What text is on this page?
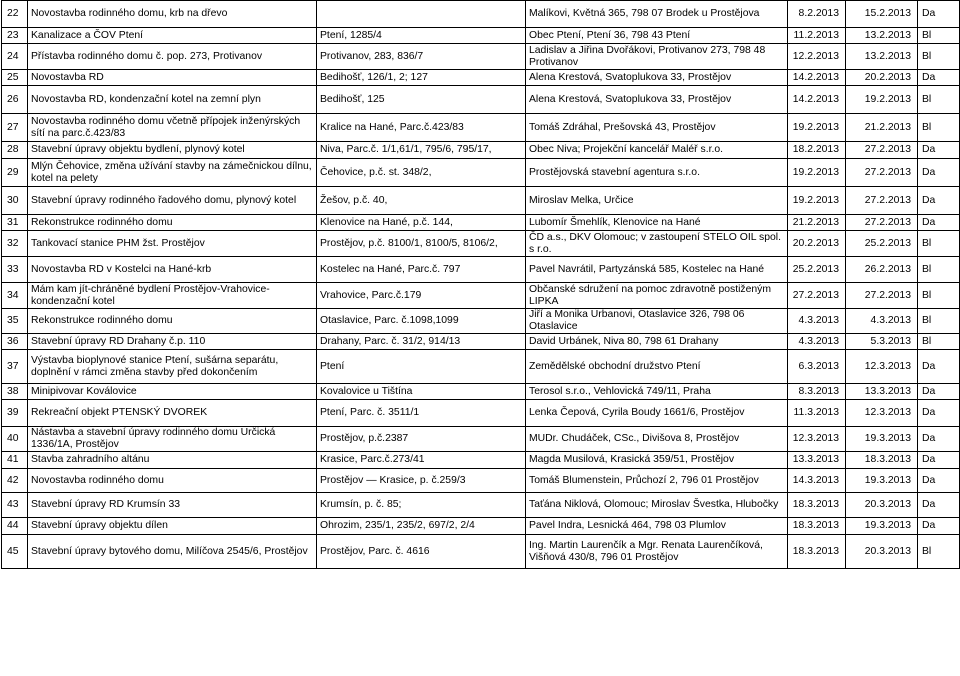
22	Novostavba rodinného domu, krb na dřevo		Malíkovi, Květná 365, 798 07 Brodek u Prostějova	8.2.2013	15.2.2013	Da
23	Kanalizace a ČOV Ptení	Ptení, 1285/4	Obec Ptení, Ptení 36, 798 43 Ptení	11.2.2013	13.2.2013	Bl
24	Přístavba rodinného domu č. pop. 273, Protivanov	Protivanov, 283, 836/7	Ladislav a Jiřina Dvořákovi, Protivanov 273, 798 48 Protivanov	12.2.2013	13.2.2013	Bl
25	Novostavba RD	Bedihošť, 126/1, 2; 127	Alena Krestová, Svatoplukova 33, Prostějov	14.2.2013	20.2.2013	Da
26	Novostavba RD, kondenzační kotel na zemní plyn	Bedihošť, 125	Alena Krestová, Svatoplukova 33, Prostějov	14.2.2013	19.2.2013	Bl
27	Novostavba rodinného domu včetně přípojek inženýrských sítí na parc.č.423/83	Kralice na Hané, Parc.č.423/83	Tomáš Zdráhal, Prešovská 43, Prostějov	19.2.2013	21.2.2013	Bl
28	Stavební úpravy objektu bydlení, plynový kotel	Niva, Parc.č. 1/1,61/1, 795/6, 795/17,	Obec Niva; Projekční kancelář Maléř s.r.o.	18.2.2013	27.2.2013	Da
29	Mlýn Čehovice, změna užívání stavby na zámečnickou dílnu, kotel na pelety	Čehovice, p.č. st. 348/2,	Prostějovská stavební agentura s.r.o.	19.2.2013	27.2.2013	Da
30	Stavební úpravy rodinného řadového domu, plynový kotel	Žešov, p.č. 40,	Miroslav Melka, Určice	19.2.2013	27.2.2013	Da
31	Rekonstrukce rodinného domu	Klenovice na Hané, p.č. 144,	Lubomír Šmehlík, Klenovice na Hané	21.2.2013	27.2.2013	Da
32	Tankovací stanice PHM žst. Prostějov	Prostějov, p.č. 8100/1, 8100/5, 8106/2,	ČD a.s., DKV Olomouc; v zastoupení STELO OIL spol. s r.o.	20.2.2013	25.2.2013	Bl
33	Novostavba RD v Kostelci na Hané-krb	Kostelec na Hané, Parc.č. 797	Pavel Navrátil, Partyzánská 585, Kostelec na Hané	25.2.2013	26.2.2013	Bl
34	Mám kam jít-chráněné bydlení Prostějov-Vrahovice-kondenzační kotel	Vrahovice, Parc.č.179	Občanské sdružení na pomoc zdravotně postiženým LIPKA	27.2.2013	27.2.2013	Bl
35	Rekonstrukce rodinného domu	Otaslavice, Parc. č.1098,1099	Jiří a Monika Urbanovi, Otaslavice 326, 798 06 Otaslavice	4.3.2013	4.3.2013	Bl
36	Stavební úpravy RD Drahany č.p. 110	Drahany, Parc. č. 31/2, 914/13	David Urbánek, Niva 80, 798 61 Drahany	4.3.2013	5.3.2013	Bl
37	Výstavba bioplynové stanice Ptení, sušárna separátu, doplnění v rámci změna stavby před dokončením	Ptení	Zemědělské obchodní družstvo Ptení	6.3.2013	12.3.2013	Da
38	Minipivovar Koválovice	Kovalovice u Tištína	Terosol s.r.o., Vehlovická 749/11, Praha	8.3.2013	13.3.2013	Da
39	Rekreační objekt PTENSKÝ DVOREK	Ptení, Parc. č. 3511/1	Lenka Čepová, Cyrila Boudy 1661/6, Prostějov	11.3.2013	12.3.2013	Da
40	Nástavba a stavební úpravy rodinného domu Určická 1336/1A, Prostějov	Prostějov, p.č.2387	MUDr. Chudáček, CSc., Divišova 8, Prostějov	12.3.2013	19.3.2013	Da
41	Stavba zahradního altánu	Krasice, Parc.č.273/41	Magda Musilová, Krasická 359/51, Prostějov	13.3.2013	18.3.2013	Da
42	Novostavba rodinného domu	Prostějov — Krasice, p. č.259/3	Tomáš Blumenstein, Průchozí 2, 796 01 Prostějov	14.3.2013	19.3.2013	Da
43	Stavební úpravy RD Krumsín 33	Krumsín, p. č. 85;	Taťána Niklová, Olomouc; Miroslav Švestka, Hlubočky	18.3.2013	20.3.2013	Da
44	Stavební úpravy objektu dílen	Ohrozim, 235/1, 235/2, 697/2, 2/4	Pavel Indra, Lesnická 464, 798 03 Plumlov	18.3.2013	19.3.2013	Da
45	Stavební úpravy bytového domu, Milíčova 2545/6, Prostějov	Prostějov, Parc. č. 4616	Ing. Martin Laurenčík a Mgr. Renata Laurenčíková, Višňová 430/8, 796 01 Prostějov	18.3.2013	20.3.2013	Bl
